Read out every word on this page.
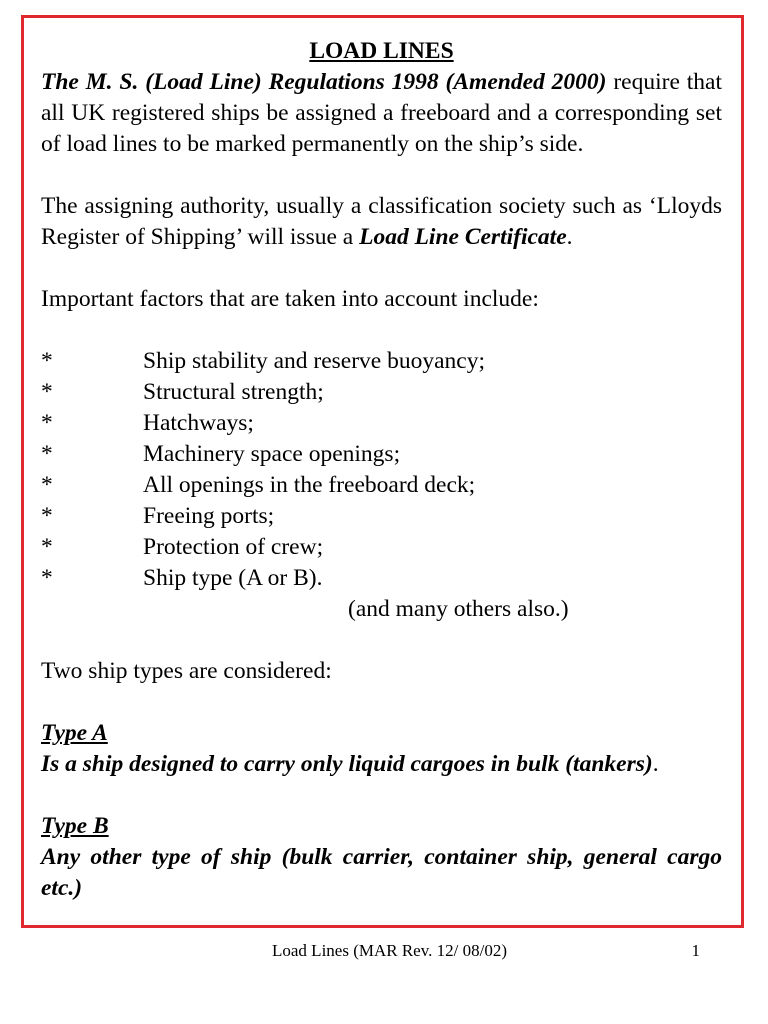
LOAD LINES

The M. S. (Load Line) Regulations 1998 (Amended 2000) require that all UK registered ships be assigned a freeboard and a corresponding set of load lines to be marked permanently on the ship’s side.

The assigning authority, usually a classification society such as ‘Lloyds Register of Shipping’ will issue a Load Line Certificate.

Important factors that are taken into account include:

*	Ship stability and reserve buoyancy;
*	Structural strength;
*	Hatchways;
*	Machinery space openings;
*	All openings in the freeboard deck;
*	Freeing ports;
*	Protection of crew;
*	Ship type (A or B).
(and many others also.)

Two ship types are considered:

Type A

Is a ship designed to carry only liquid cargoes in bulk (tankers).

Type B

Any other type of ship (bulk carrier, container ship, general cargo etc.)

Load Lines (MAR Rev. 12/ 08/02)	1
